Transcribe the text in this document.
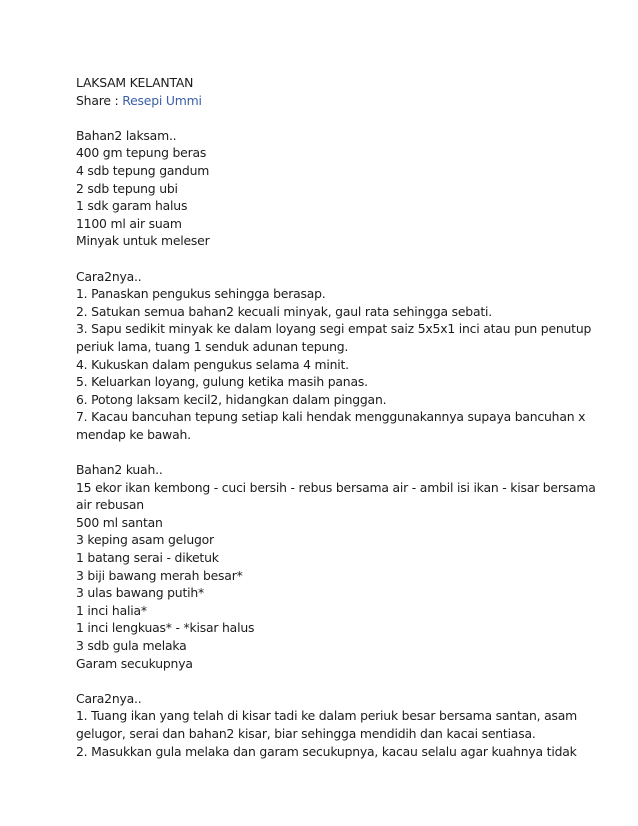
LAKSAM KELANTAN
Share : Resepi Ummi
Bahan2 laksam..
400 gm tepung beras
4 sdb tepung gandum
2 sdb tepung ubi
1 sdk garam halus
1100 ml air suam
Minyak untuk meleser
Cara2nya..
1. Panaskan pengukus sehingga berasap.
2. Satukan semua bahan2 kecuali minyak, gaul rata sehingga sebati.
3. Sapu sedikit minyak ke dalam loyang segi empat saiz 5x5x1 inci atau pun penutup periuk lama, tuang 1 senduk adunan tepung.
4. Kukuskan dalam pengukus selama 4 minit.
5. Keluarkan loyang, gulung ketika masih panas.
6. Potong laksam kecil2, hidangkan dalam pinggan.
7. Kacau bancuhan tepung setiap kali hendak menggunakannya supaya bancuhan x mendap ke bawah.
Bahan2 kuah..
15 ekor ikan kembong - cuci bersih - rebus bersama air - ambil isi ikan - kisar bersama air rebusan
500 ml santan
3 keping asam gelugor
1 batang serai - diketuk
3 biji bawang merah besar*
3 ulas bawang putih*
1 inci halia*
1 inci lengkuas* - *kisar halus
3 sdb gula melaka
Garam secukupnya
Cara2nya..
1. Tuang ikan yang telah di kisar tadi ke dalam periuk besar bersama santan, asam gelugor, serai dan bahan2 kisar, biar sehingga mendidih dan kacai sentiasa.
2. Masukkan gula melaka dan garam secukupnya, kacau selalu agar kuahnya tidak
